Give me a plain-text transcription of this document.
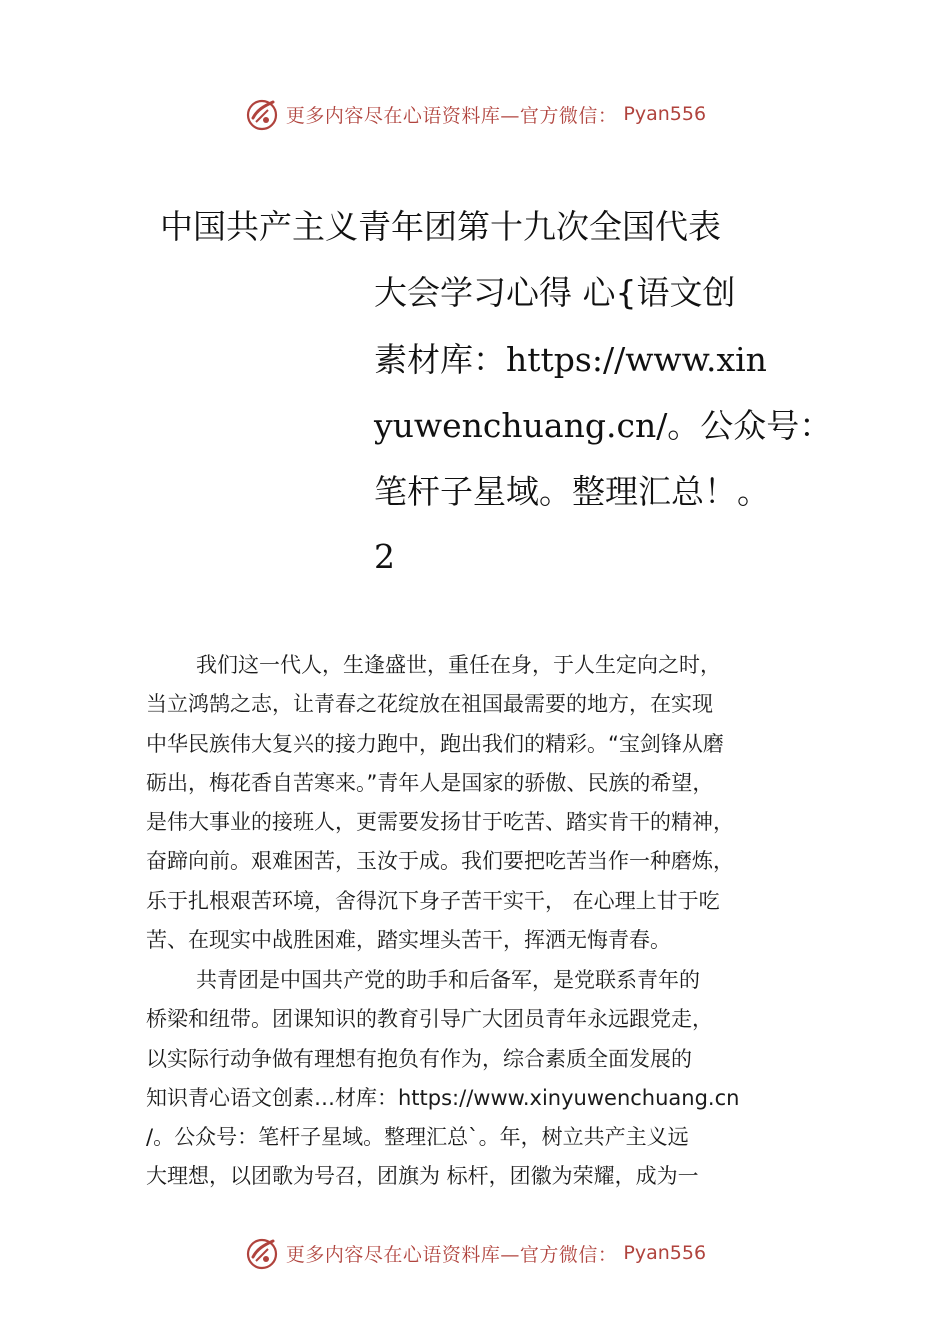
更多内容尽在心语资料库—官方微信： Pyan556
中国共产主义青年团第十九次全国代表
大会学习心得 心{语文创
素材库：https://www.xin
yuwenchuang.cn/。公众号：
笔杆子星域。整理汇总！。
2
我们这一代人，生逢盛世，重任在身，于人生定向之时，
当立鸿鹄之志，让青春之花绽放在祖国最需要的地方，在实现
中华民族伟大复兴的接力跑中，跑出我们的精彩。“宝剑锋从磨
砺出，梅花香自苦寒来。”青年人是国家的骄傲、民族的希望，
是伟大事业的接班人，更需要发扬甘于吃苦、踏实肯干的精神，
奋蹄向前。艰难困苦，玉汝于成。我们要把吃苦当作一种磨炼，
乐于扎根艰苦环境，舍得沉下身子苦干实干， 在心理上甘于吃
苦、在现实中战胜困难，踏实埋头苦干，挥洒无悔青春。
共青团是中国共产党的助手和后备军，是党联系青年的
桥梁和纽带。团课知识的教育引导广大团员青年永远跟党走，
以实际行动争做有理想有抱负有作为，综合素质全面发展的
知识青心语文创素…材库：https://www.xinyuwenchuang.cn
/。公众号：笔杆子星域。整理汇总`。年，树立共产主义远
大理想，以团歌为号召，团旗为 标杆，团徽为荣耀，成为一
更多内容尽在心语资料库—官方微信： Pyan556
